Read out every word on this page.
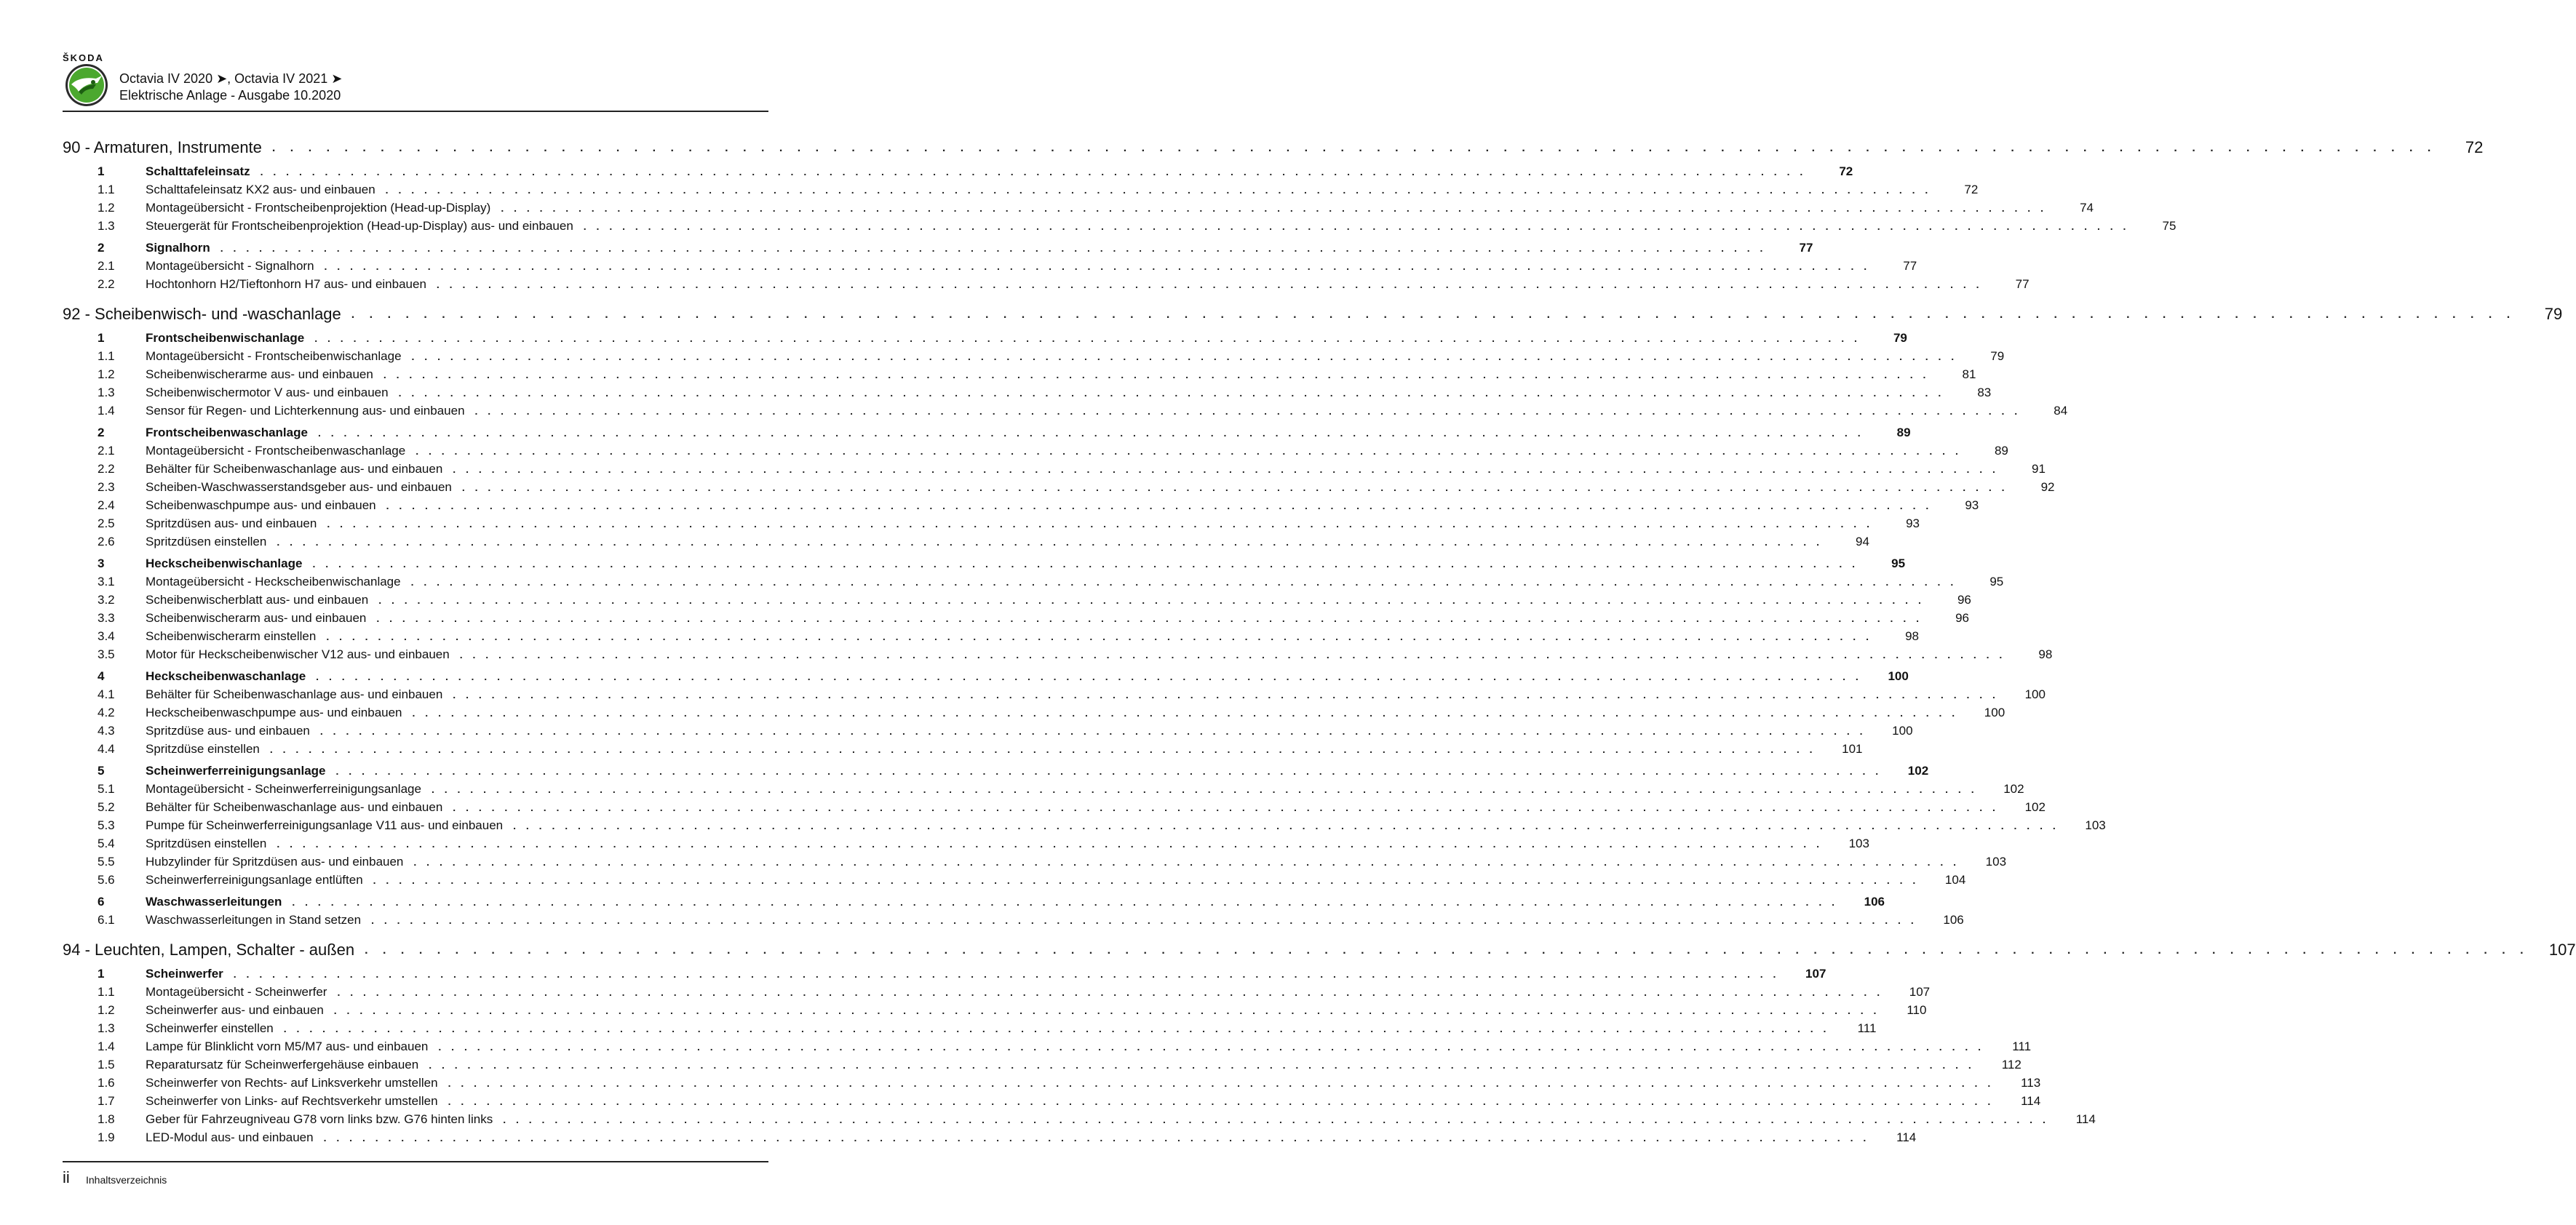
ŠKODA
Octavia IV 2020 ➤, Octavia IV 2021 ➤
Elektrische Anlage - Ausgabe 10.2020
90 - Armaturen, Instrumente . . . . . . . . . . . . . . . . . . . . . . . . . . . . . . . . . . . . . . . . . . . . . . . . . . . . . . . . . . . . . . . . . . . . . . . . . . . . . . . . . . . . . . . . . . . . . . . . . . . . . . . . . . . . . . . . . . . . . . . .	72
1	Schalttafeleinsatz . . . . . . . . . . . . . . . . . . . . . . . . . . . . . . . . . . . . . . . . . . . . . . . . . . . . . . . . . . . . . . . . . . . . . . . . . . . . . . . . . . . . . . . . . . . . . . . . . . . . . . . . . . . . . . . . . . . . . . . .	72
1.1	Schalttafeleinsatz KX2 aus- und einbauen . . . . . . . . . . . . . . . . . . . . . . . . . . . . . . . . . . . . . . . . . . . . . . . . . . . . . . . . . . . . . . . . . . . . . . . . . . . . . . . . . . . . . . . . . . . . . . . . . . . . . . . . . . . . . . . . . . . . . . . .	72
1.2	Montageübersicht - Frontscheibenprojektion (Head-up-Display) . . . . . . . . . . . . . . . . . . . . . . . . . . . . . . . . . . . . . . . . . . . . . . . . . . . . . . . . . . . . . . . . . . . . . . . . . . . . . . . . . . . . . . . . . . . . . . . . . . . . . . . . . . . . . . . . . . . . . . . .	74
1.3	Steuergerät für Frontscheibenprojektion (Head-up-Display) aus- und einbauen . . . . . . . . . . . . . . . . . . . . . . . . . . . . . . . . . . . . . . . . . . . . . . . . . . . . . . . . . . . . . . . . . . . . . . . . . . . . . . . . . . . . . . . . . . . . . . . . . . . . . . . . . . . . . . . . . . . . . . . .	75
2	Signalhorn . . . . . . . . . . . . . . . . . . . . . . . . . . . . . . . . . . . . . . . . . . . . . . . . . . . . . . . . . . . . . . . . . . . . . . . . . . . . . . . . . . . . . . . . . . . . . . . . . . . . . . . . . . . . . . . . . . . . . . . .	77
2.1	Montageübersicht - Signalhorn . . . . . . . . . . . . . . . . . . . . . . . . . . . . . . . . . . . . . . . . . . . . . . . . . . . . . . . . . . . . . . . . . . . . . . . . . . . . . . . . . . . . . . . . . . . . . . . . . . . . . . . . . . . . . . . . . . . . . . . .	77
2.2	Hochtonhorn H2/Tieftonhorn H7 aus- und einbauen . . . . . . . . . . . . . . . . . . . . . . . . . . . . . . . . . . . . . . . . . . . . . . . . . . . . . . . . . . . . . . . . . . . . . . . . . . . . . . . . . . . . . . . . . . . . . . . . . . . . . . . . . . . . . . . . . . . . . . . .	77
92 - Scheibenwisch- und -waschanlage . . . . . . . . . . . . . . . . . . . . . . . . . . . . . . . . . . . . . . . . . . . . . . . . . . . . . . . . . . . . . . . . . . . . . . . . . . . . . . . . . . . . . . . . . . . . . . . . . . . . . . . . . . . . . . . . . . . . . . . .	79
1	Frontscheibenwischanlage . . . . . . . . . . . . . . . . . . . . . . . . . . . . . . . . . . . . . . . . . . . . . . . . . . . . . . . . . . . . . . . . . . . . . . . . . . . . . . . . . . . . . . . . . . . . . . . . . . . . . . . . . . . . . . . . . . . . . . . .	79
1.1	Montageübersicht - Frontscheibenwischanlage . . . . . . . . . . . . . . . . . . . . . . . . . . . . . . . . . . . . . . . . . . . . . . . . . . . . . . . . . . . . . . . . . . . . . . . . . . . . . . . . . . . . . . . . . . . . . . . . . . . . . . . . . . . . . . . . . . . . . . . .	79
1.2	Scheibenwischerarme aus- und einbauen . . . . . . . . . . . . . . . . . . . . . . . . . . . . . . . . . . . . . . . . . . . . . . . . . . . . . . . . . . . . . . . . . . . . . . . . . . . . . . . . . . . . . . . . . . . . . . . . . . . . . . . . . . . . . . . . . . . . . . . .	81
1.3	Scheibenwischermotor V aus- und einbauen . . . . . . . . . . . . . . . . . . . . . . . . . . . . . . . . . . . . . . . . . . . . . . . . . . . . . . . . . . . . . . . . . . . . . . . . . . . . . . . . . . . . . . . . . . . . . . . . . . . . . . . . . . . . . . . . . . . . . . . .	83
1.4	Sensor für Regen- und Lichterkennung aus- und einbauen . . . . . . . . . . . . . . . . . . . . . . . . . . . . . . . . . . . . . . . . . . . . . . . . . . . . . . . . . . . . . . . . . . . . . . . . . . . . . . . . . . . . . . . . . . . . . . . . . . . . . . . . . . . . . . . . . . . . . . . .	84
2	Frontscheibenwaschanlage . . . . . . . . . . . . . . . . . . . . . . . . . . . . . . . . . . . . . . . . . . . . . . . . . . . . . . . . . . . . . . . . . . . . . . . . . . . . . . . . . . . . . . . . . . . . . . . . . . . . . . . . . . . . . . . . . . . . . . . .	89
2.1	Montageübersicht - Frontscheibenwaschanlage . . . . . . . . . . . . . . . . . . . . . . . . . . . . . . . . . . . . . . . . . . . . . . . . . . . . . . . . . . . . . . . . . . . . . . . . . . . . . . . . . . . . . . . . . . . . . . . . . . . . . . . . . . . . . . . . . . . . . . . .	89
2.2	Behälter für Scheibenwaschanlage aus- und einbauen . . . . . . . . . . . . . . . . . . . . . . . . . . . . . . . . . . . . . . . . . . . . . . . . . . . . . . . . . . . . . . . . . . . . . . . . . . . . . . . . . . . . . . . . . . . . . . . . . . . . . . . . . . . . . . . . . . . . . . . .	91
2.3	Scheiben-Waschwasserstandsgeber aus- und einbauen . . . . . . . . . . . . . . . . . . . . . . . . . . . . . . . . . . . . . . . . . . . . . . . . . . . . . . . . . . . . . . . . . . . . . . . . . . . . . . . . . . . . . . . . . . . . . . . . . . . . . . . . . . . . . . . . . . . . . . . .	92
2.4	Scheibenwaschpumpe aus- und einbauen . . . . . . . . . . . . . . . . . . . . . . . . . . . . . . . . . . . . . . . . . . . . . . . . . . . . . . . . . . . . . . . . . . . . . . . . . . . . . . . . . . . . . . . . . . . . . . . . . . . . . . . . . . . . . . . . . . . . . . . .	93
2.5	Spritzdüsen aus- und einbauen . . . . . . . . . . . . . . . . . . . . . . . . . . . . . . . . . . . . . . . . . . . . . . . . . . . . . . . . . . . . . . . . . . . . . . . . . . . . . . . . . . . . . . . . . . . . . . . . . . . . . . . . . . . . . . . . . . . . . . . .	93
2.6	Spritzdüsen einstellen . . . . . . . . . . . . . . . . . . . . . . . . . . . . . . . . . . . . . . . . . . . . . . . . . . . . . . . . . . . . . . . . . . . . . . . . . . . . . . . . . . . . . . . . . . . . . . . . . . . . . . . . . . . . . . . . . . . . . . . .	94
3	Heckscheibenwischanlage . . . . . . . . . . . . . . . . . . . . . . . . . . . . . . . . . . . . . . . . . . . . . . . . . . . . . . . . . . . . . . . . . . . . . . . . . . . . . . . . . . . . . . . . . . . . . . . . . . . . . . . . . . . . . . . . . . . . . . . .	95
3.1	Montageübersicht - Heckscheibenwischanlage . . . . . . . . . . . . . . . . . . . . . . . . . . . . . . . . . . . . . . . . . . . . . . . . . . . . . . . . . . . . . . . . . . . . . . . . . . . . . . . . . . . . . . . . . . . . . . . . . . . . . . . . . . . . . . . . . . . . . . . .	95
3.2	Scheibenwischerblatt aus- und einbauen . . . . . . . . . . . . . . . . . . . . . . . . . . . . . . . . . . . . . . . . . . . . . . . . . . . . . . . . . . . . . . . . . . . . . . . . . . . . . . . . . . . . . . . . . . . . . . . . . . . . . . . . . . . . . . . . . . . . . . . .	96
3.3	Scheibenwischerarm aus- und einbauen . . . . . . . . . . . . . . . . . . . . . . . . . . . . . . . . . . . . . . . . . . . . . . . . . . . . . . . . . . . . . . . . . . . . . . . . . . . . . . . . . . . . . . . . . . . . . . . . . . . . . . . . . . . . . . . . . . . . . . . .	96
3.4	Scheibenwischerarm einstellen . . . . . . . . . . . . . . . . . . . . . . . . . . . . . . . . . . . . . . . . . . . . . . . . . . . . . . . . . . . . . . . . . . . . . . . . . . . . . . . . . . . . . . . . . . . . . . . . . . . . . . . . . . . . . . . . . . . . . . . .	98
3.5	Motor für Heckscheibenwischer V12 aus- und einbauen . . . . . . . . . . . . . . . . . . . . . . . . . . . . . . . . . . . . . . . . . . . . . . . . . . . . . . . . . . . . . . . . . . . . . . . . . . . . . . . . . . . . . . . . . . . . . . . . . . . . . . . . . . . . . . . . . . . . . . . .	98
4	Heckscheibenwaschanlage . . . . . . . . . . . . . . . . . . . . . . . . . . . . . . . . . . . . . . . . . . . . . . . . . . . . . . . . . . . . . . . . . . . . . . . . . . . . . . . . . . . . . . . . . . . . . . . . . . . . . . . . . . . . . . . . . . . . . . . .	100
4.1	Behälter für Scheibenwaschanlage aus- und einbauen . . . . . . . . . . . . . . . . . . . . . . . . . . . . . . . . . . . . . . . . . . . . . . . . . . . . . . . . . . . . . . . . . . . . . . . . . . . . . . . . . . . . . . . . . . . . . . . . . . . . . . . . . . . . . . . . . . . . . . . .	100
4.2	Heckscheibenwaschpumpe aus- und einbauen . . . . . . . . . . . . . . . . . . . . . . . . . . . . . . . . . . . . . . . . . . . . . . . . . . . . . . . . . . . . . . . . . . . . . . . . . . . . . . . . . . . . . . . . . . . . . . . . . . . . . . . . . . . . . . . . . . . . . . . .	100
4.3	Spritzdüse aus- und einbauen . . . . . . . . . . . . . . . . . . . . . . . . . . . . . . . . . . . . . . . . . . . . . . . . . . . . . . . . . . . . . . . . . . . . . . . . . . . . . . . . . . . . . . . . . . . . . . . . . . . . . . . . . . . . . . . . . . . . . . . .	100
4.4	Spritzdüse einstellen . . . . . . . . . . . . . . . . . . . . . . . . . . . . . . . . . . . . . . . . . . . . . . . . . . . . . . . . . . . . . . . . . . . . . . . . . . . . . . . . . . . . . . . . . . . . . . . . . . . . . . . . . . . . . . . . . . . . . . . .	101
5	Scheinwerferreinigungsanlage . . . . . . . . . . . . . . . . . . . . . . . . . . . . . . . . . . . . . . . . . . . . . . . . . . . . . . . . . . . . . . . . . . . . . . . . . . . . . . . . . . . . . . . . . . . . . . . . . . . . . . . . . . . . . . . . . . . . . . . .	102
5.1	Montageübersicht - Scheinwerferreinigungsanlage . . . . . . . . . . . . . . . . . . . . . . . . . . . . . . . . . . . . . . . . . . . . . . . . . . . . . . . . . . . . . . . . . . . . . . . . . . . . . . . . . . . . . . . . . . . . . . . . . . . . . . . . . . . . . . . . . . . . . . . .	102
5.2	Behälter für Scheibenwaschanlage aus- und einbauen . . . . . . . . . . . . . . . . . . . . . . . . . . . . . . . . . . . . . . . . . . . . . . . . . . . . . . . . . . . . . . . . . . . . . . . . . . . . . . . . . . . . . . . . . . . . . . . . . . . . . . . . . . . . . . . . . . . . . . . .	102
5.3	Pumpe für Scheinwerferreinigungsanlage V11 aus- und einbauen . . . . . . . . . . . . . . . . . . . . . . . . . . . . . . . . . . . . . . . . . . . . . . . . . . . . . . . . . . . . . . . . . . . . . . . . . . . . . . . . . . . . . . . . . . . . . . . . . . . . . . . . . . . . . . . . . . . . . . . .	103
5.4	Spritzdüsen einstellen . . . . . . . . . . . . . . . . . . . . . . . . . . . . . . . . . . . . . . . . . . . . . . . . . . . . . . . . . . . . . . . . . . . . . . . . . . . . . . . . . . . . . . . . . . . . . . . . . . . . . . . . . . . . . . . . . . . . . . . .	103
5.5	Hubzylinder für Spritzdüsen aus- und einbauen . . . . . . . . . . . . . . . . . . . . . . . . . . . . . . . . . . . . . . . . . . . . . . . . . . . . . . . . . . . . . . . . . . . . . . . . . . . . . . . . . . . . . . . . . . . . . . . . . . . . . . . . . . . . . . . . . . . . . . . .	103
5.6	Scheinwerferreinigungsanlage entlüften . . . . . . . . . . . . . . . . . . . . . . . . . . . . . . . . . . . . . . . . . . . . . . . . . . . . . . . . . . . . . . . . . . . . . . . . . . . . . . . . . . . . . . . . . . . . . . . . . . . . . . . . . . . . . . . . . . . . . . . .	104
6	Waschwasserleitungen . . . . . . . . . . . . . . . . . . . . . . . . . . . . . . . . . . . . . . . . . . . . . . . . . . . . . . . . . . . . . . . . . . . . . . . . . . . . . . . . . . . . . . . . . . . . . . . . . . . . . . . . . . . . . . . . . . . . . . . .	106
6.1	Waschwasserleitungen in Stand setzen . . . . . . . . . . . . . . . . . . . . . . . . . . . . . . . . . . . . . . . . . . . . . . . . . . . . . . . . . . . . . . . . . . . . . . . . . . . . . . . . . . . . . . . . . . . . . . . . . . . . . . . . . . . . . . . . . . . . . . . .	106
94 - Leuchten, Lampen, Schalter - außen . . . . . . . . . . . . . . . . . . . . . . . . . . . . . . . . . . . . . . . . . . . . . . . . . . . . . . . . . . . . . . . . . . . . . . . . . . . . . . . . . . . . . . . . . . . . . . . . . . . . . . . . . . . . . . . . . . . . . . . .	107
1	Scheinwerfer . . . . . . . . . . . . . . . . . . . . . . . . . . . . . . . . . . . . . . . . . . . . . . . . . . . . . . . . . . . . . . . . . . . . . . . . . . . . . . . . . . . . . . . . . . . . . . . . . . . . . . . . . . . . . . . . . . . . . . . .	107
1.1	Montageübersicht - Scheinwerfer . . . . . . . . . . . . . . . . . . . . . . . . . . . . . . . . . . . . . . . . . . . . . . . . . . . . . . . . . . . . . . . . . . . . . . . . . . . . . . . . . . . . . . . . . . . . . . . . . . . . . . . . . . . . . . . . . . . . . . . .	107
1.2	Scheinwerfer aus- und einbauen . . . . . . . . . . . . . . . . . . . . . . . . . . . . . . . . . . . . . . . . . . . . . . . . . . . . . . . . . . . . . . . . . . . . . . . . . . . . . . . . . . . . . . . . . . . . . . . . . . . . . . . . . . . . . . . . . . . . . . . .	110
1.3	Scheinwerfer einstellen . . . . . . . . . . . . . . . . . . . . . . . . . . . . . . . . . . . . . . . . . . . . . . . . . . . . . . . . . . . . . . . . . . . . . . . . . . . . . . . . . . . . . . . . . . . . . . . . . . . . . . . . . . . . . . . . . . . . . . . .	111
1.4	Lampe für Blinklicht vorn M5/M7 aus- und einbauen . . . . . . . . . . . . . . . . . . . . . . . . . . . . . . . . . . . . . . . . . . . . . . . . . . . . . . . . . . . . . . . . . . . . . . . . . . . . . . . . . . . . . . . . . . . . . . . . . . . . . . . . . . . . . . . . . . . . . . . .	111
1.5	Reparatursatz für Scheinwerfergehäuse einbauen . . . . . . . . . . . . . . . . . . . . . . . . . . . . . . . . . . . . . . . . . . . . . . . . . . . . . . . . . . . . . . . . . . . . . . . . . . . . . . . . . . . . . . . . . . . . . . . . . . . . . . . . . . . . . . . . . . . . . . . .	112
1.6	Scheinwerfer von Rechts- auf Linksverkehr umstellen . . . . . . . . . . . . . . . . . . . . . . . . . . . . . . . . . . . . . . . . . . . . . . . . . . . . . . . . . . . . . . . . . . . . . . . . . . . . . . . . . . . . . . . . . . . . . . . . . . . . . . . . . . . . . . . . . . . . . . . .	113
1.7	Scheinwerfer von Links- auf Rechtsverkehr umstellen . . . . . . . . . . . . . . . . . . . . . . . . . . . . . . . . . . . . . . . . . . . . . . . . . . . . . . . . . . . . . . . . . . . . . . . . . . . . . . . . . . . . . . . . . . . . . . . . . . . . . . . . . . . . . . . . . . . . . . . .	114
1.8	Geber für Fahrzeugniveau G78 vorn links bzw. G76 hinten links . . . . . . . . . . . . . . . . . . . . . . . . . . . . . . . . . . . . . . . . . . . . . . . . . . . . . . . . . . . . . . . . . . . . . . . . . . . . . . . . . . . . . . . . . . . . . . . . . . . . . . . . . . . . . . . . . . . . . . . .	114
1.9	LED-Modul aus- und einbauen . . . . . . . . . . . . . . . . . . . . . . . . . . . . . . . . . . . . . . . . . . . . . . . . . . . . . . . . . . . . . . . . . . . . . . . . . . . . . . . . . . . . . . . . . . . . . . . . . . . . . . . . . . . . . . . . . . . . . . . .	114
ii Inhaltsverzeichnis
